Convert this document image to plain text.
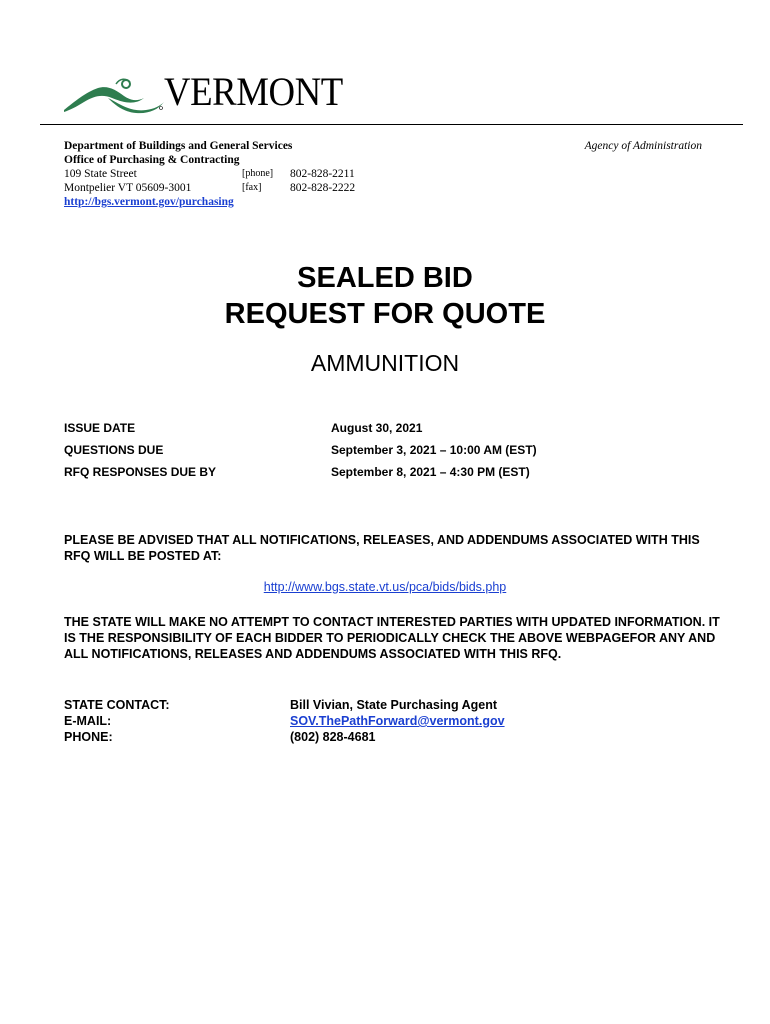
VERMONT
Department of Buildings and General Services
Office of Purchasing & Contracting
109 State Street	[phone]	802-828-2211
Montpelier VT 05609-3001	[fax]	802-828-2222
http://bgs.vermont.gov/purchasing
Agency of Administration
SEALED BID
REQUEST FOR QUOTE
AMMUNITION
ISSUE DATE	August 30, 2021
QUESTIONS DUE	September 3, 2021 – 10:00 AM (EST)
RFQ RESPONSES DUE BY	September 8, 2021 – 4:30 PM (EST)
PLEASE BE ADVISED THAT ALL NOTIFICATIONS, RELEASES, AND ADDENDUMS ASSOCIATED WITH THIS RFQ WILL BE POSTED AT:
http://www.bgs.state.vt.us/pca/bids/bids.php
THE STATE WILL MAKE NO ATTEMPT TO CONTACT INTERESTED PARTIES WITH UPDATED INFORMATION. IT IS THE RESPONSIBILITY OF EACH BIDDER TO PERIODICALLY CHECK THE ABOVE WEBPAGEFOR ANY AND ALL NOTIFICATIONS, RELEASES AND ADDENDUMS ASSOCIATED WITH THIS RFQ.
STATE CONTACT:	Bill Vivian, State Purchasing Agent
E-MAIL:	SOV.ThePathForward@vermont.gov
PHONE:	(802) 828-4681
